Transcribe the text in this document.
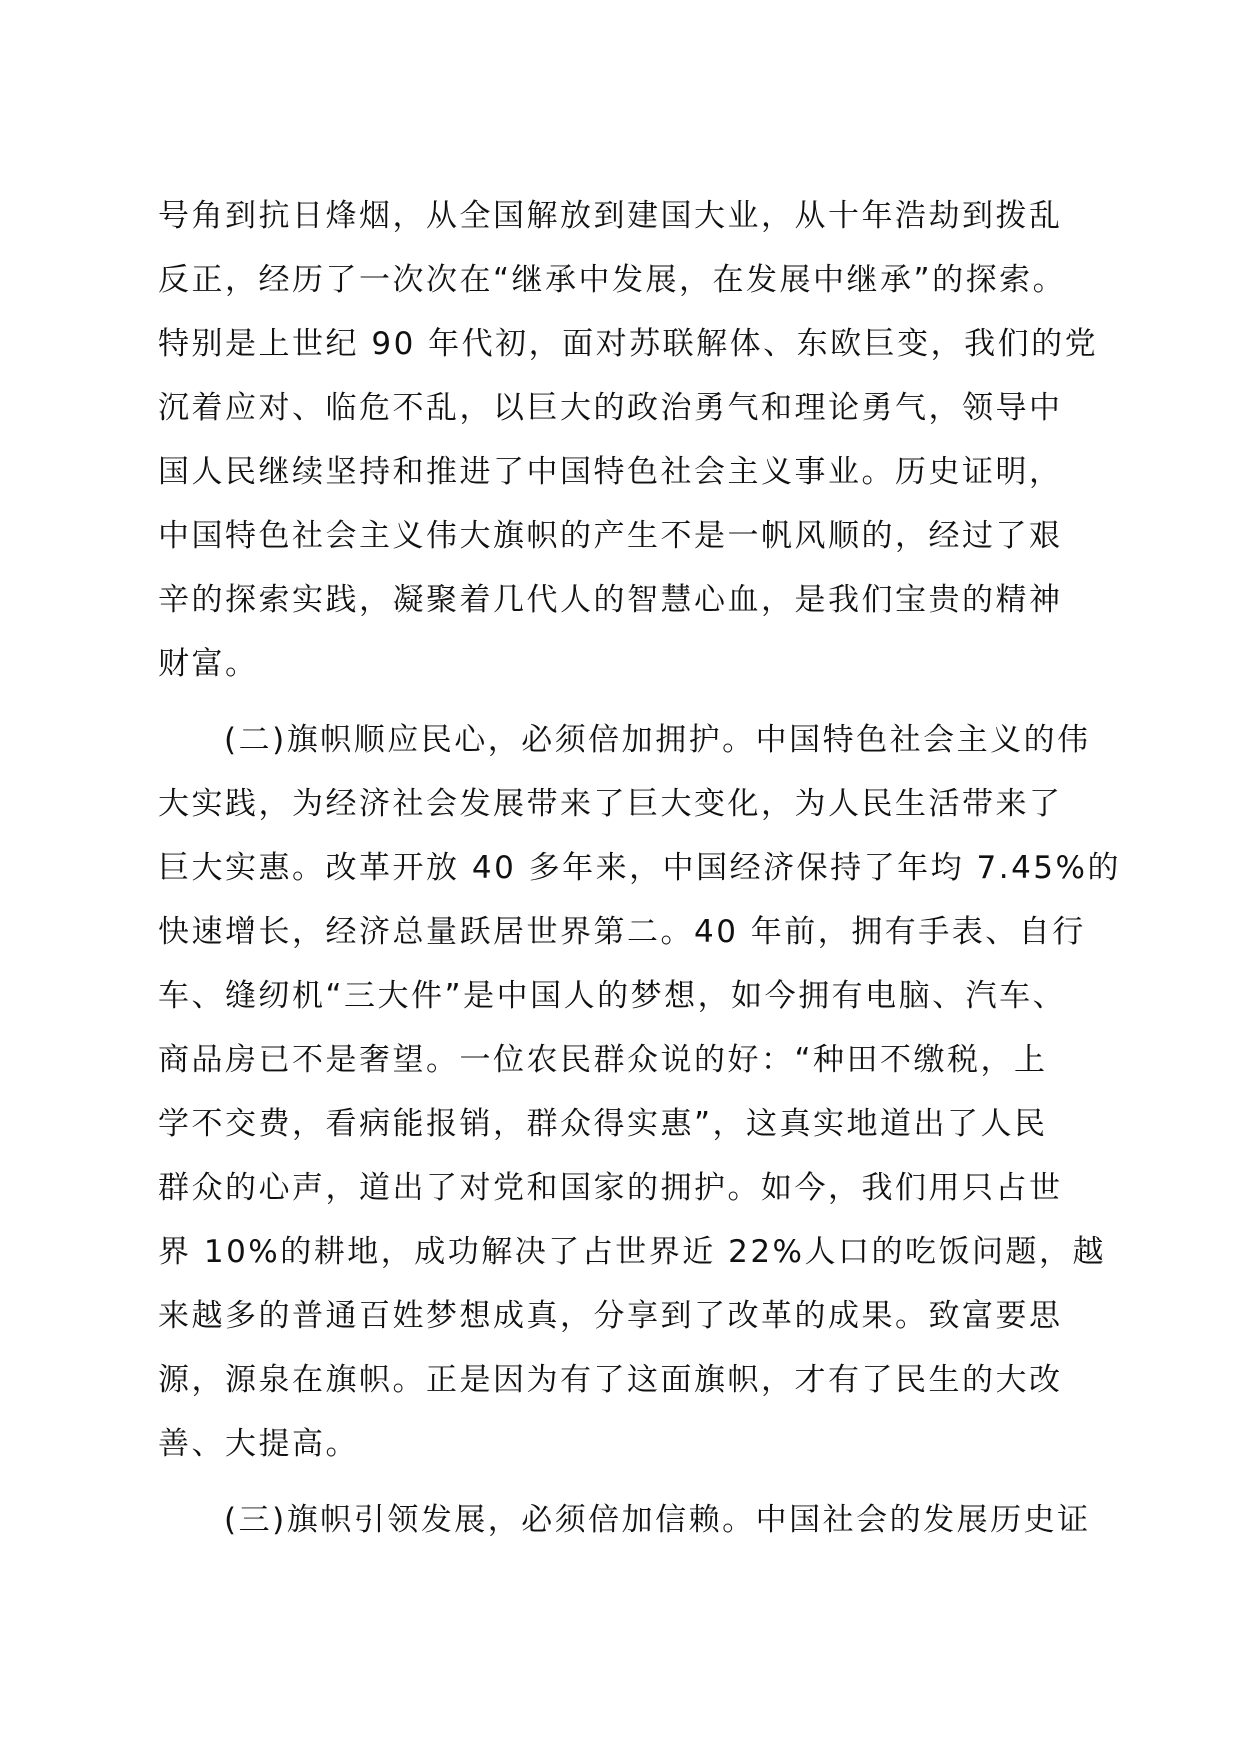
号角到抗日烽烟，从全国解放到建国大业，从十年浩劫到拨乱
反正，经历了一次次在“继承中发展，在发展中继承”的探索。
特别是上世纪 90 年代初，面对苏联解体、东欧巨变，我们的党
沉着应对、临危不乱，以巨大的政治勇气和理论勇气，领导中
国人民继续坚持和推进了中国特色社会主义事业。历史证明，
中国特色社会主义伟大旗帜的产生不是一帆风顺的，经过了艰
辛的探索实践，凝聚着几代人的智慧心血，是我们宝贵的精神
财富。
(二)旗帜顺应民心，必须倍加拥护。中国特色社会主义的伟
大实践，为经济社会发展带来了巨大变化，为人民生活带来了
巨大实惠。改革开放 40 多年来，中国经济保持了年均 7.45%的
快速增长，经济总量跃居世界第二。40 年前，拥有手表、自行
车、缝纫机“三大件”是中国人的梦想，如今拥有电脑、汽车、
商品房已不是奢望。一位农民群众说的好：“种田不缴税，上
学不交费，看病能报销，群众得实惠”，这真实地道出了人民
群众的心声，道出了对党和国家的拥护。如今，我们用只占世
界 10%的耕地，成功解决了占世界近 22%人口的吃饭问题，越
来越多的普通百姓梦想成真，分享到了改革的成果。致富要思
源，源泉在旗帜。正是因为有了这面旗帜，才有了民生的大改
善、大提高。
(三)旗帜引领发展，必须倍加信赖。中国社会的发展历史证
